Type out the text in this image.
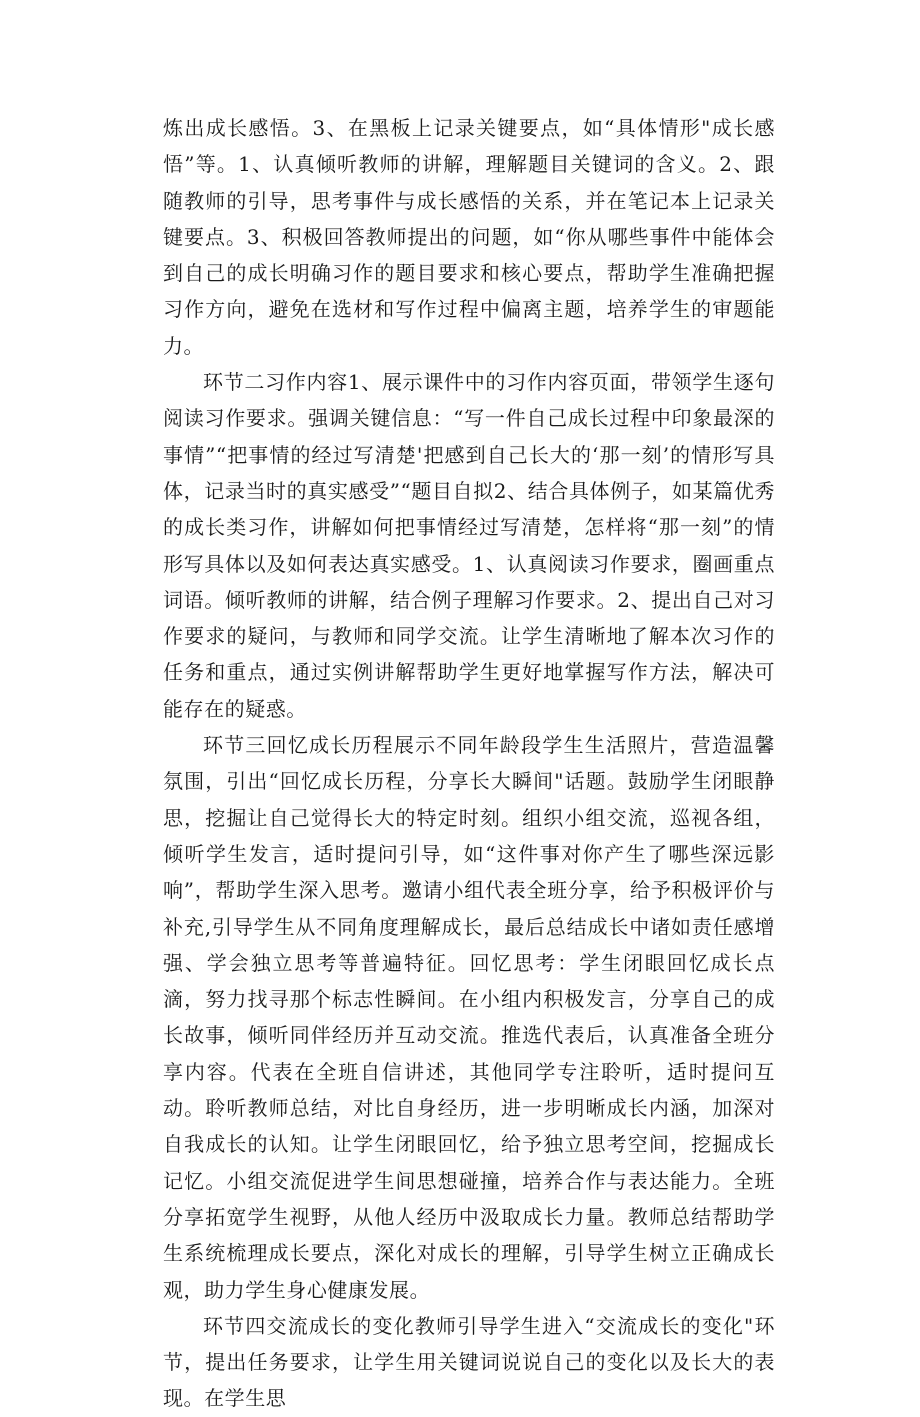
炼出成长感悟。3、在黑板上记录关键要点，如“具体情形"成长感悟”等。1、认真倾听教师的讲解，理解题目关键词的含义。2、跟随教师的引导，思考事件与成长感悟的关系，并在笔记本上记录关键要点。3、积极回答教师提出的问题，如“你从哪些事件中能体会到自己的成长明确习作的题目要求和核心要点，帮助学生准确把握习作方向，避免在选材和写作过程中偏离主题，培养学生的审题能力。

环节二习作内容1、展示课件中的习作内容页面，带领学生逐句阅读习作要求。强调关键信息：“写一件自己成长过程中印象最深的事情”“把事情的经过写清楚'把感到自己长大的‘那一刻’的情形写具体，记录当时的真实感受”“题目自拟2、结合具体例子，如某篇优秀的成长类习作，讲解如何把事情经过写清楚，怎样将“那一刻”的情形写具体以及如何表达真实感受。1、认真阅读习作要求，圈画重点词语。倾听教师的讲解，结合例子理解习作要求。2、提出自己对习作要求的疑问，与教师和同学交流。让学生清晰地了解本次习作的任务和重点，通过实例讲解帮助学生更好地掌握写作方法，解决可能存在的疑惑。

环节三回忆成长历程展示不同年龄段学生生活照片，营造温馨氛围，引出“回忆成长历程，分享长大瞬间"话题。鼓励学生闭眼静思，挖掘让自己觉得长大的特定时刻。组织小组交流，巡视各组，倾听学生发言，适时提问引导，如“这件事对你产生了哪些深远影响”，帮助学生深入思考。邀请小组代表全班分享，给予积极评价与补充,引导学生从不同角度理解成长，最后总结成长中诸如责任感增强、学会独立思考等普遍特征。回忆思考：学生闭眼回忆成长点滴，努力找寻那个标志性瞬间。在小组内积极发言，分享自己的成长故事，倾听同伴经历并互动交流。推选代表后，认真准备全班分享内容。代表在全班自信讲述，其他同学专注聆听，适时提问互动。聆听教师总结，对比自身经历，进一步明晰成长内涵，加深对自我成长的认知。让学生闭眼回忆，给予独立思考空间，挖掘成长记忆。小组交流促进学生间思想碰撞，培养合作与表达能力。全班分享拓宽学生视野，从他人经历中汲取成长力量。教师总结帮助学生系统梳理成长要点，深化对成长的理解，引导学生树立正确成长观，助力学生身心健康发展。

环节四交流成长的变化教师引导学生进入“交流成长的变化"环节，提出任务要求，让学生用关键词说说自己的变化以及长大的表现。在学生思
